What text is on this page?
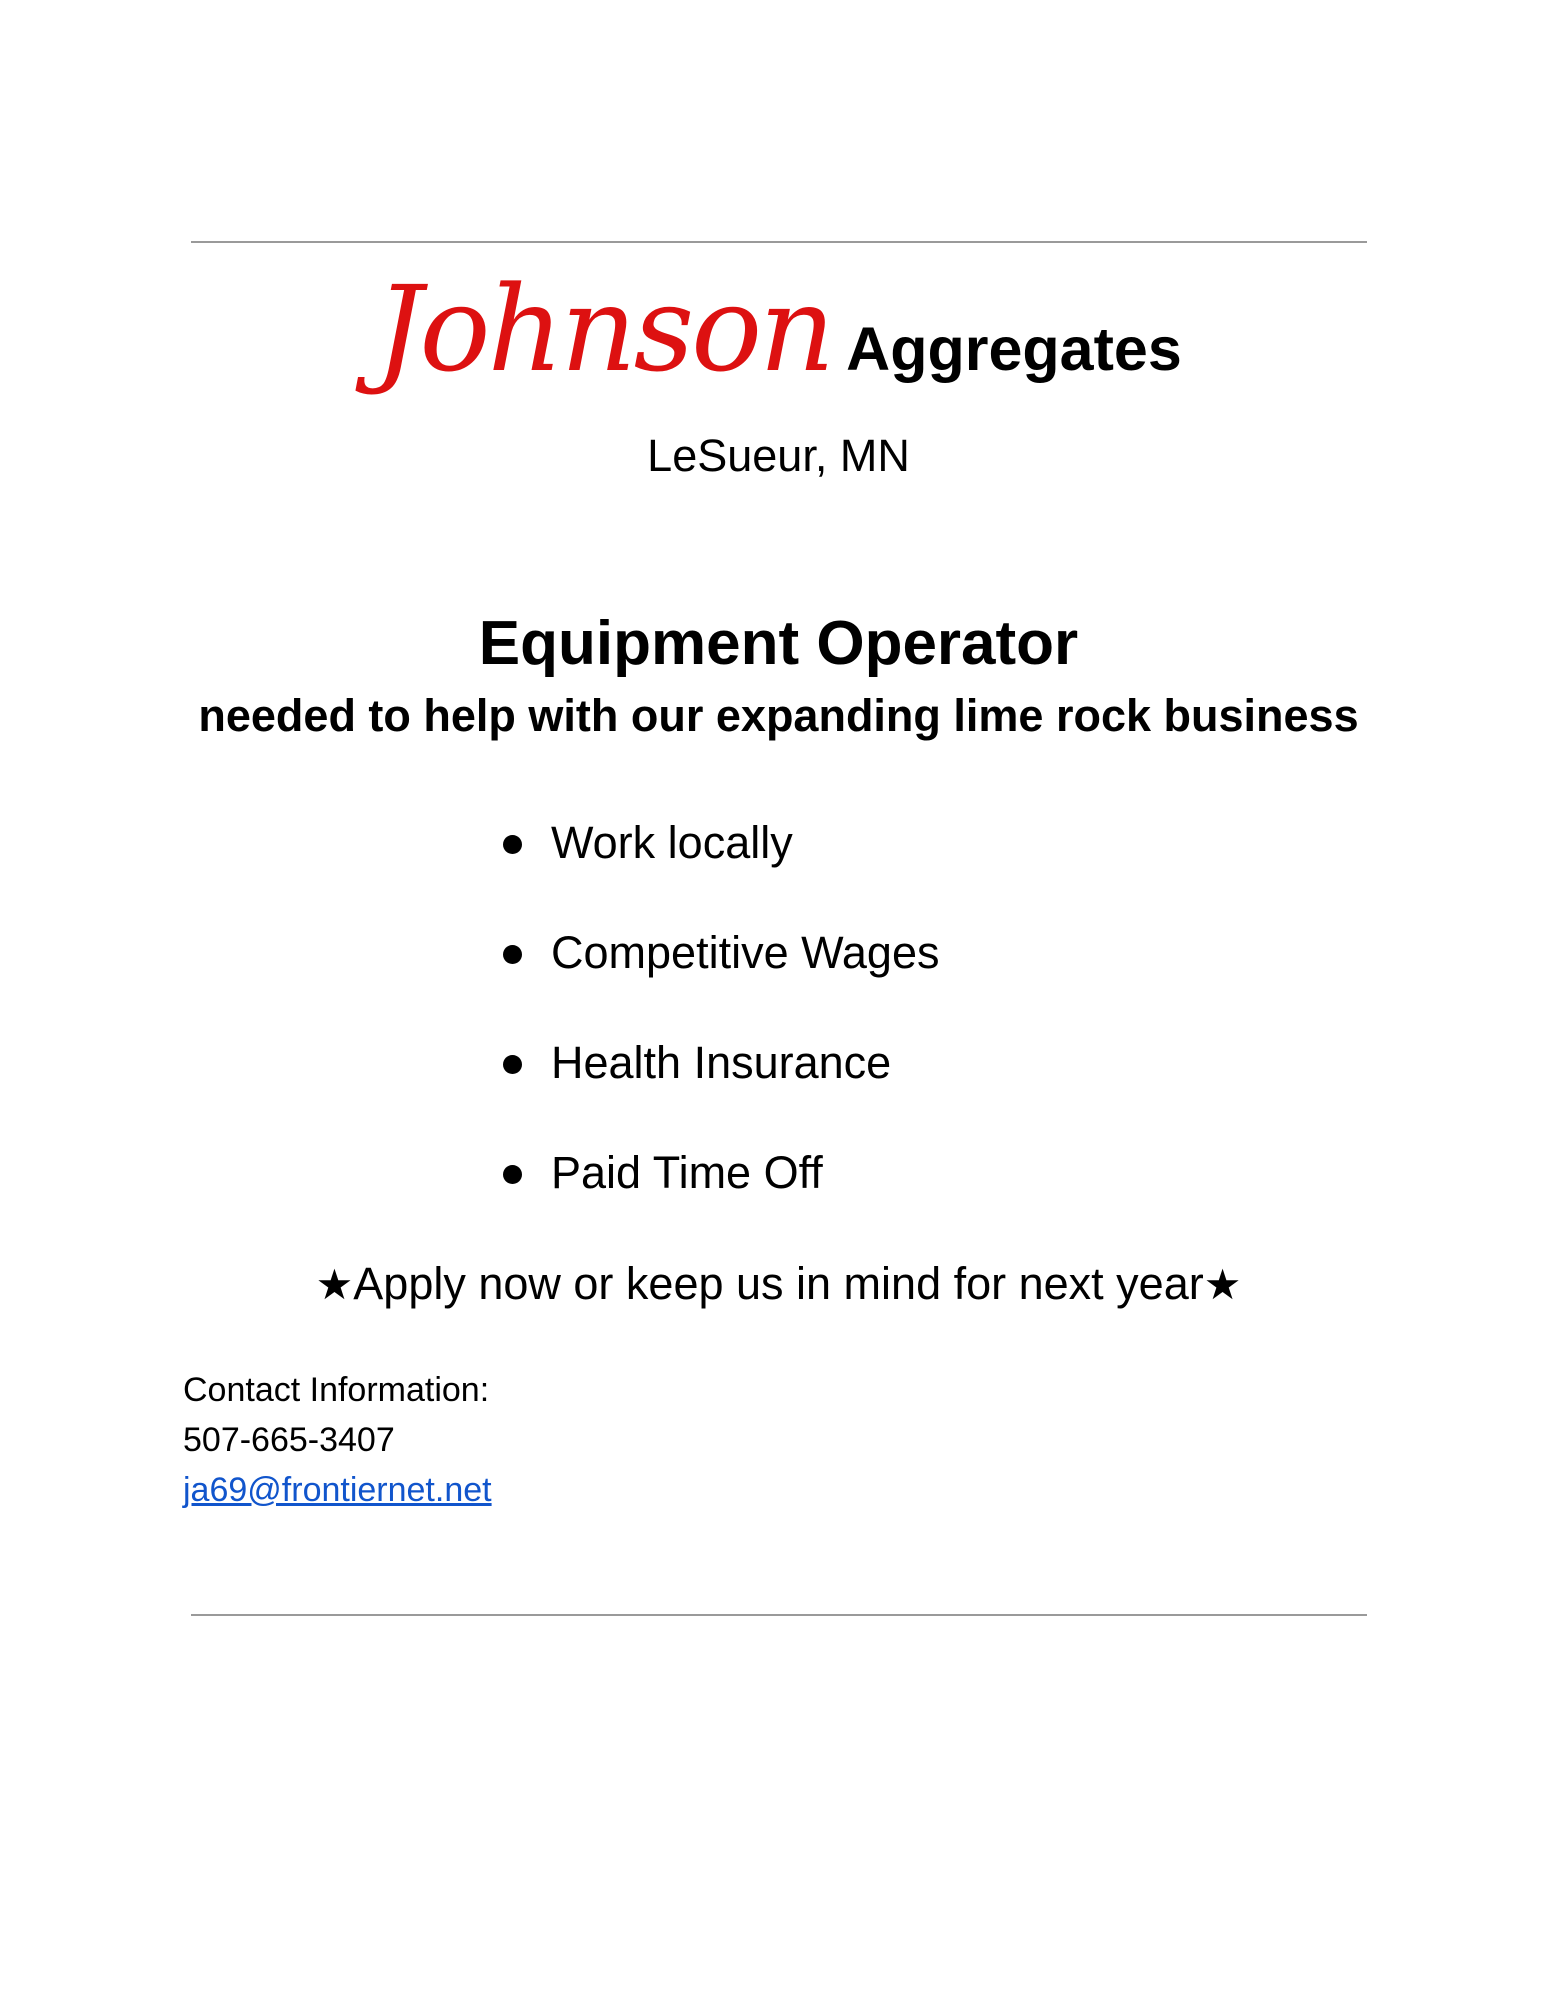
Johnson Aggregates
LeSueur, MN
Equipment Operator
needed to help with our expanding lime rock business
Work locally
Competitive Wages
Health Insurance
Paid Time Off
★Apply now or keep us in mind for next year★
Contact Information:
507-665-3407
ja69@frontiernet.net
